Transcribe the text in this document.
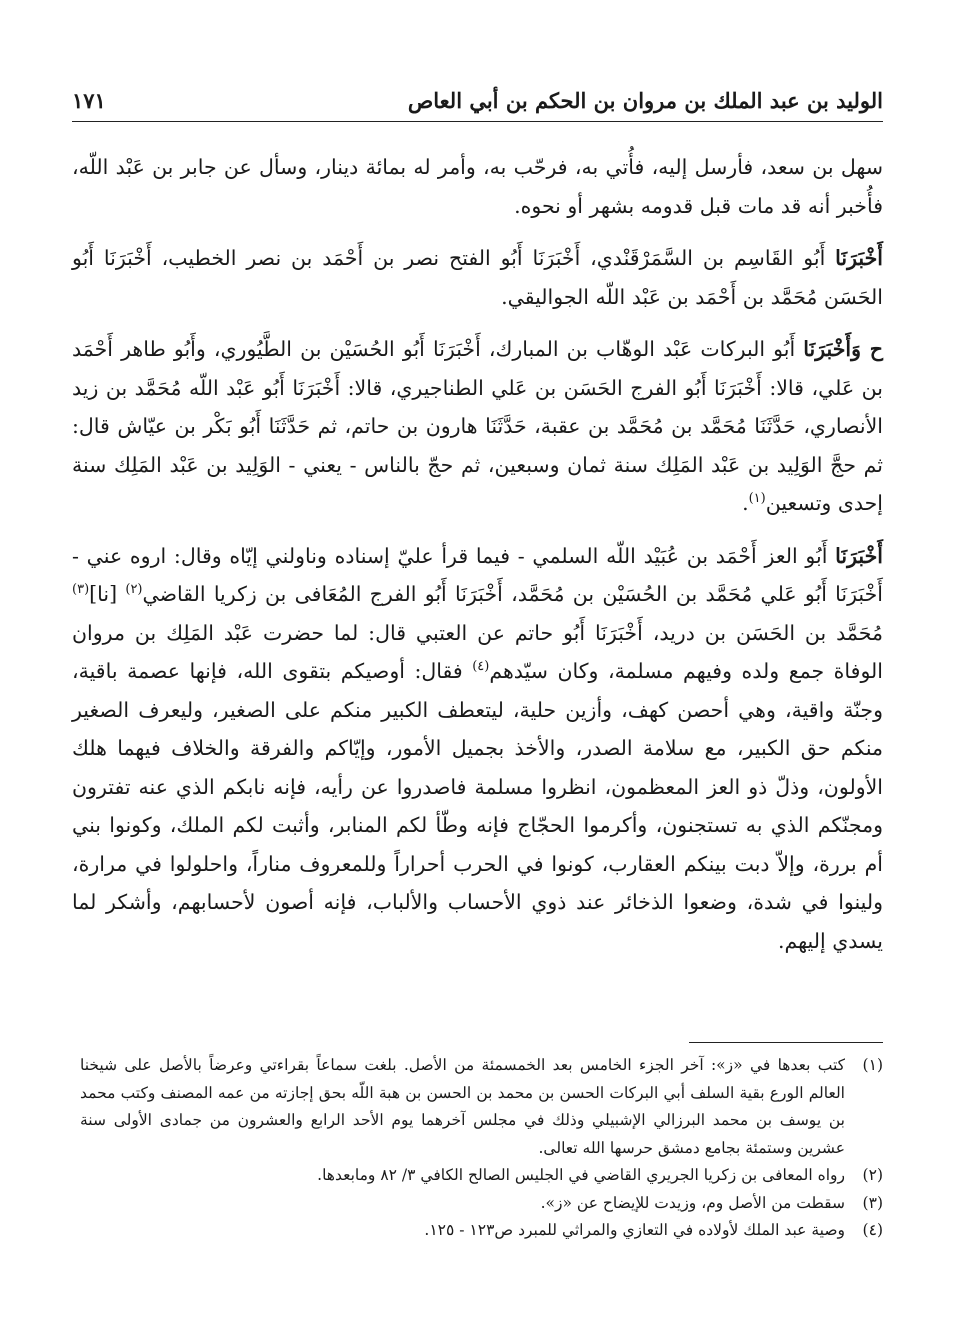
الوليد بن عبد الملك بن مروان بن الحكم بن أبي العاص
١٧١

سهل بن سعد، فأرسل إليه، فأُتي به، فرحّب به، وأمر له بمائة دينار، وسأل عن جابر بن عَبْد اللّه، فأُخبر أنه قد مات قبل قدومه بشهر أو نحوه.

أَخْبَرَنَا أَبُو القَاسِم بن السَّمَرْقَنْدي، أَخْبَرَنَا أَبُو الفتح نصر بن أَحْمَد بن نصر الخطيب، أَخْبَرَنَا أَبُو الحَسَن مُحَمَّد بن أَحْمَد بن عَبْد اللّه الجواليقي.

ح وَأَخْبَرَنَا أَبُو البركات عَبْد الوهّاب بن المبارك، أَخْبَرَنَا أَبُو الحُسَيْن بن الطَّيُوري، وأَبُو طاهر أَحْمَد بن عَلي، قالا: أَخْبَرَنَا أَبُو الفرج الحَسَن بن عَلي الطناجيري، قالا: أَخْبَرَنَا أَبُو عَبْد اللّه مُحَمَّد بن زيد الأنصاري، حَدَّثَنَا مُحَمَّد بن مُحَمَّد بن عقبة، حَدَّثَنَا هارون بن حاتم، ثم حَدَّثَنَا أَبُو بَكْر بن عيّاش قال: ثم حجَّ الوَلِيد بن عَبْد المَلِك سنة ثمان وسبعين، ثم حجّ بالناس - يعني - الوَلِيد بن عَبْد المَلِك سنة إحدى وتسعين$^{(١)}$.

أَخْبَرَنَا أَبُو العز أَحْمَد بن عُبَيْد اللّه السلمي - فيما قرأ عليّ إسناده وناولني إيّاه وقال: اروه عني - أَخْبَرَنَا أَبُو عَلي مُحَمَّد بن الحُسَيْن بن مُحَمَّد، أَخْبَرَنَا أَبُو الفرج المُعَافى بن زكريا القاضي$^{(٢)}$ [نا]$^{(٣)}$ مُحَمَّد بن الحَسَن بن دريد، أَخْبَرَنَا أَبُو حاتم عن العتبي قال: لما حضرت عَبْد المَلِك بن مروان الوفاة جمع ولده وفيهم مسلمة، وكان سيّدهم$^{(٤)}$ فقال: أوصيكم بتقوى الله، فإنها عصمة باقية، وجنّة واقية، وهي أحصن كهف، وأزين حلية، ليتعطف الكبير منكم على الصغير، وليعرف الصغير منكم حق الكبير، مع سلامة الصدر، والأخذ بجميل الأمور، وإيّاكم والفرقة والخلاف فيهما هلك الأولون، وذلّ ذو العز المعظمون، انظروا مسلمة فاصدروا عن رأيه، فإنه نابكم الذي عنه تفترون ومجنّكم الذي به تستجنون، وأكرموا الحجّاج فإنه وطّأ لكم المنابر، وأثبت لكم الملك، وكونوا بني أم بررة، وإلاّ دبت بينكم العقارب، كونوا في الحرب أحراراً وللمعروف مناراً، واحلولوا في مرارة، ولينوا في شدة، وضعوا الذخائر عند ذوي الأحساب والألباب، فإنه أصون لأحسابهم، وأشكر لما يسدي إليهم.

(١)
كتب بعدها في «ز»: آخر الجزء الخامس بعد الخمسمئة من الأصل. بلغت سماعاً بقراءتي وعرضاً بالأصل على شيخنا العالم الورع بقية السلف أبي البركات الحسن بن محمد بن الحسن بن هبة اللّه بحق إجازته من عمه المصنف وكتب محمد بن يوسف بن محمد البرزالي الإشبيلي وذلك في مجلس آخرهما يوم الأحد الرابع والعشرون من جمادى الأولى سنة عشرين وستمئة بجامع دمشق حرسها الله تعالى.
(٢)
رواه المعافى بن زكريا الجريري القاضي في الجليس الصالح الكافي ٣/ ٨٢ ومابعدها.
(٣)
سقطت من الأصل وم، وزيدت للإيضاح عن «ز».
(٤)
وصية عبد الملك لأولاده في التعازي والمراثي للمبرد ص١٢٣ - ١٢٥.
